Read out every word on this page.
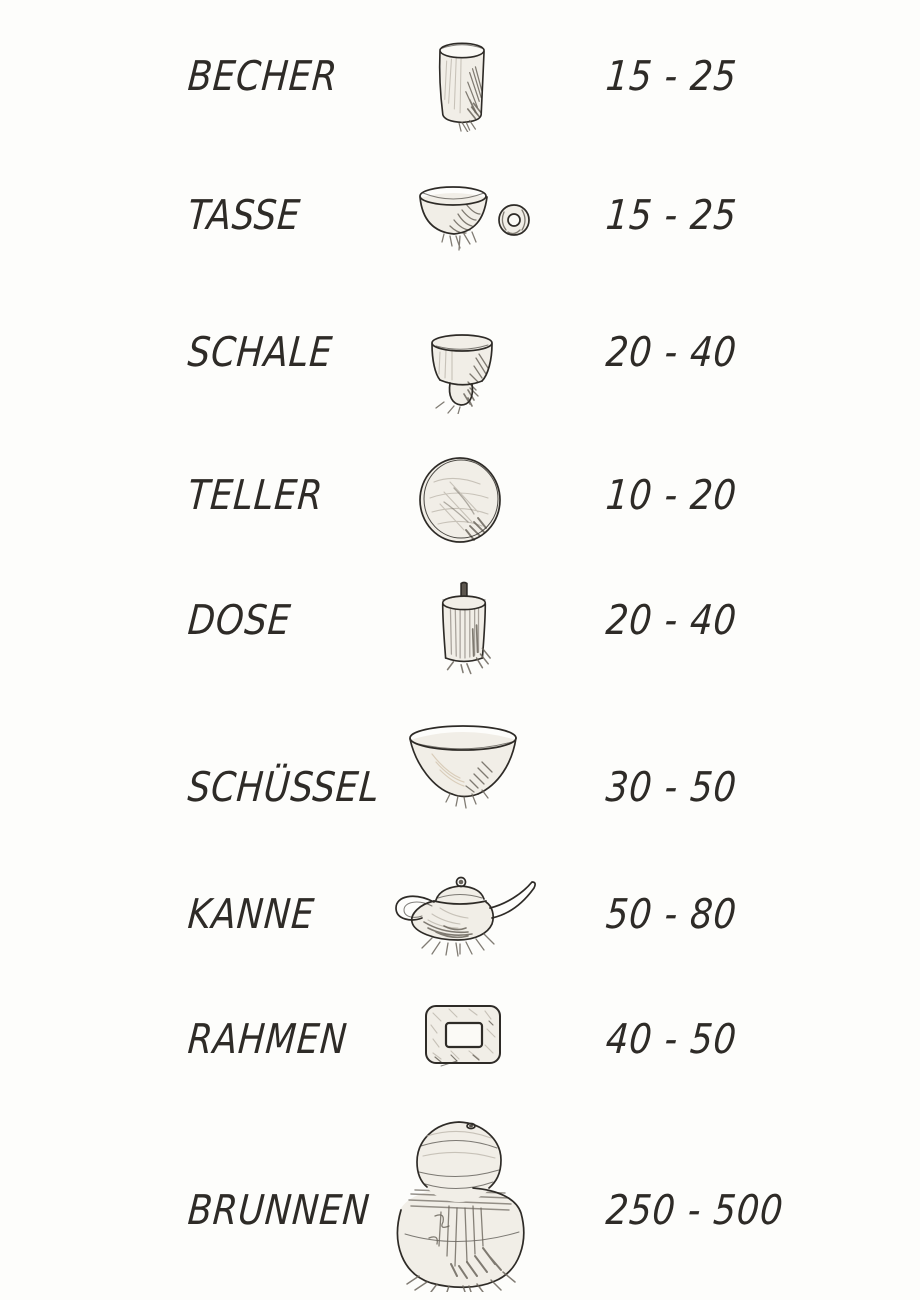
BECHER	15 - 25
TASSE	15 - 25
SCHALE	20 - 40
TELLER	10 - 20
DOSE	20 - 40
SCHÜSSEL	30 - 50
KANNE	50 - 80
RAHMEN	40 - 50
BRUNNEN	250 - 500
